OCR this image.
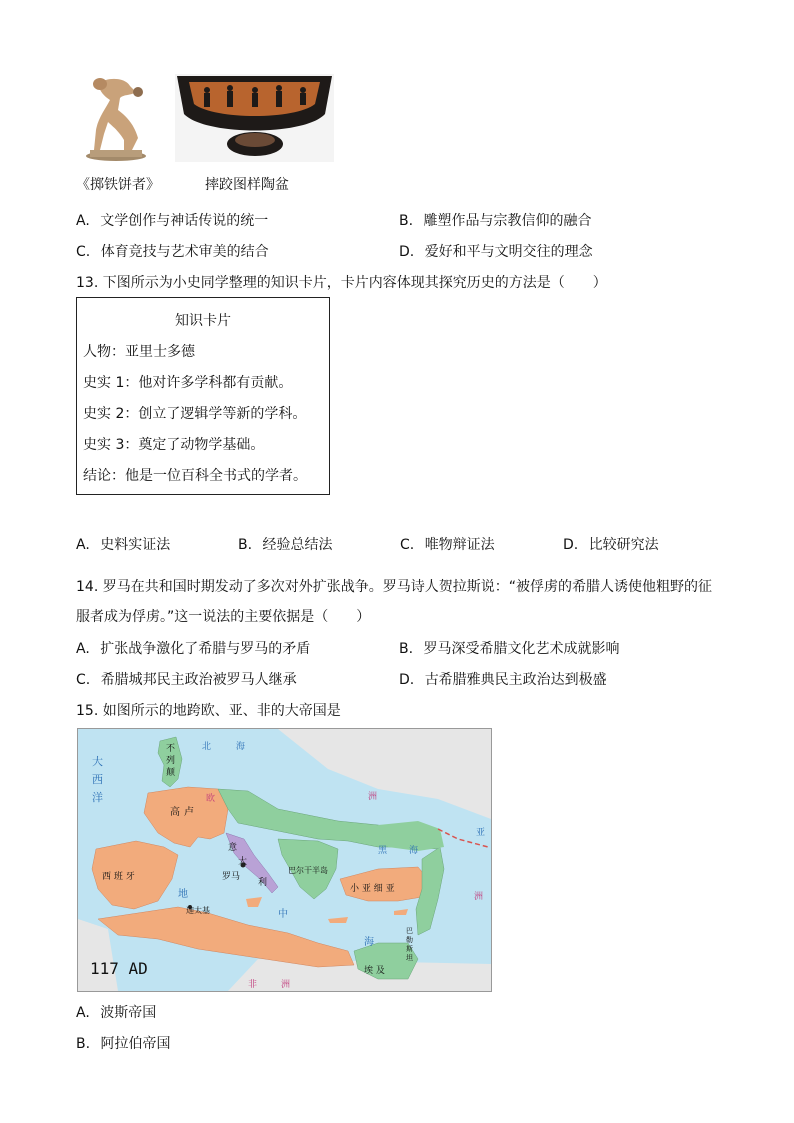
《掷铁饼者》	摔跤图样陶盆
A. 文学创作与神话传说的统一	B. 雕塑作品与宗教信仰的融合
C. 体育竞技与艺术审美的结合	D. 爱好和平与文明交往的理念
13. 下图所示为小史同学整理的知识卡片，卡片内容体现其探究历史的方法是（　　）
知识卡片
人物：亚里士多德
史实 1：他对许多学科都有贡献。
史实 2：创立了逻辑学等新的学科。
史实 3：奠定了动物学基础。
结论：他是一位百科全书式的学者。
A. 史料实证法	B. 经验总结法	C. 唯物辩证法	D. 比较研究法
14. 罗马在共和国时期发动了多次对外扩张战争。罗马诗人贺拉斯说：“被俘虏的希腊人诱使他粗野的征
服者成为俘虏。”这一说法的主要依据是（　　）
A. 扩张战争激化了希腊与罗马的矛盾	B. 罗马深受希腊文化艺术成就影响
C. 希腊城邦民主政治被罗马人继承	D. 古希腊雅典民主政治达到极盛
15. 如图所示的地跨欧、亚、非的大帝国是
大
西
洋
北	海
不
列
颠
欧	洲
高 卢
西 班 牙
意
大
利
罗马
巴尔干半岛
黑 海
小 亚 细 亚
洲
亚
地
中
海
迦太基
巴勒斯坦
埃 及
非	洲
117 AD
A. 波斯帝国
B. 阿拉伯帝国
